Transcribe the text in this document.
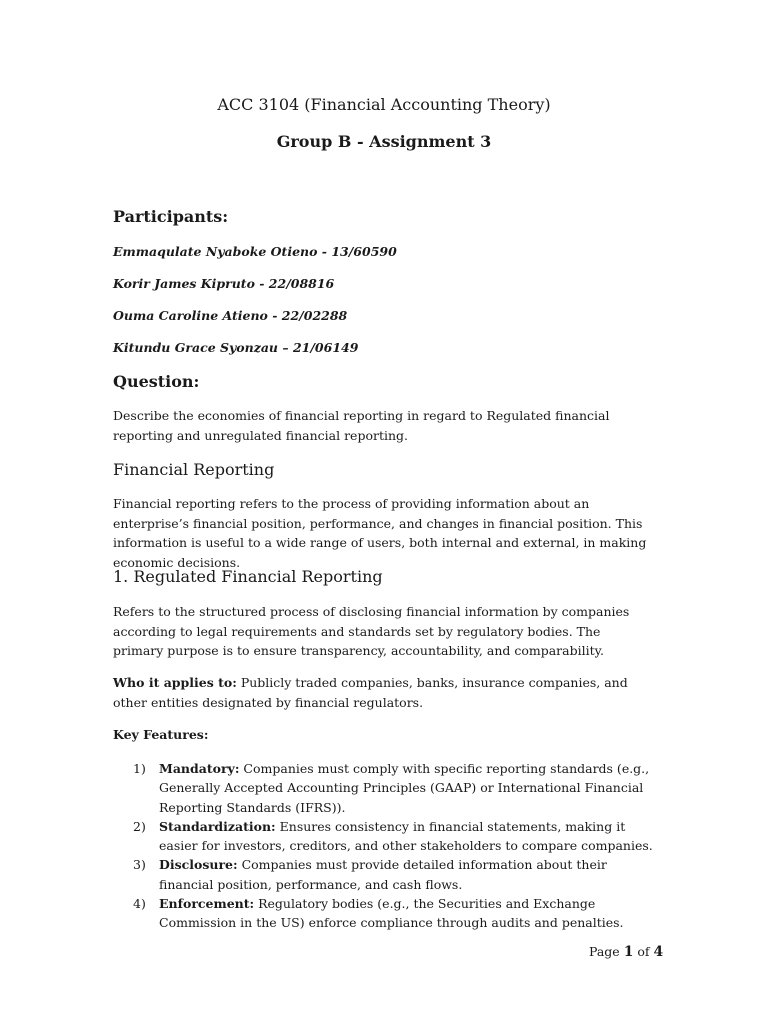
ACC 3104 (Financial Accounting Theory)
Group B - Assignment 3
Participants:
Emmaqulate Nyaboke Otieno - 13/60590
Korir James Kipruto - 22/08816
Ouma Caroline Atieno - 22/02288
Kitundu Grace Syonzau – 21/06149
Question:
Describe the economies of financial reporting in regard to Regulated financial reporting and unregulated financial reporting.
Financial Reporting
Financial reporting refers to the process of providing information about an enterprise’s financial position, performance, and changes in financial position. This information is useful to a wide range of users, both internal and external, in making economic decisions.
1. Regulated Financial Reporting
Refers to the structured process of disclosing financial information by companies according to legal requirements and standards set by regulatory bodies. The primary purpose is to ensure transparency, accountability, and comparability.
Who it applies to: Publicly traded companies, banks, insurance companies, and other entities designated by financial regulators.
Key Features:
1) Mandatory: Companies must comply with specific reporting standards (e.g., Generally Accepted Accounting Principles (GAAP) or International Financial Reporting Standards (IFRS)).
2) Standardization: Ensures consistency in financial statements, making it easier for investors, creditors, and other stakeholders to compare companies.
3) Disclosure: Companies must provide detailed information about their financial position, performance, and cash flows.
4) Enforcement: Regulatory bodies (e.g., the Securities and Exchange Commission in the US) enforce compliance through audits and penalties.
Page 1 of 4
